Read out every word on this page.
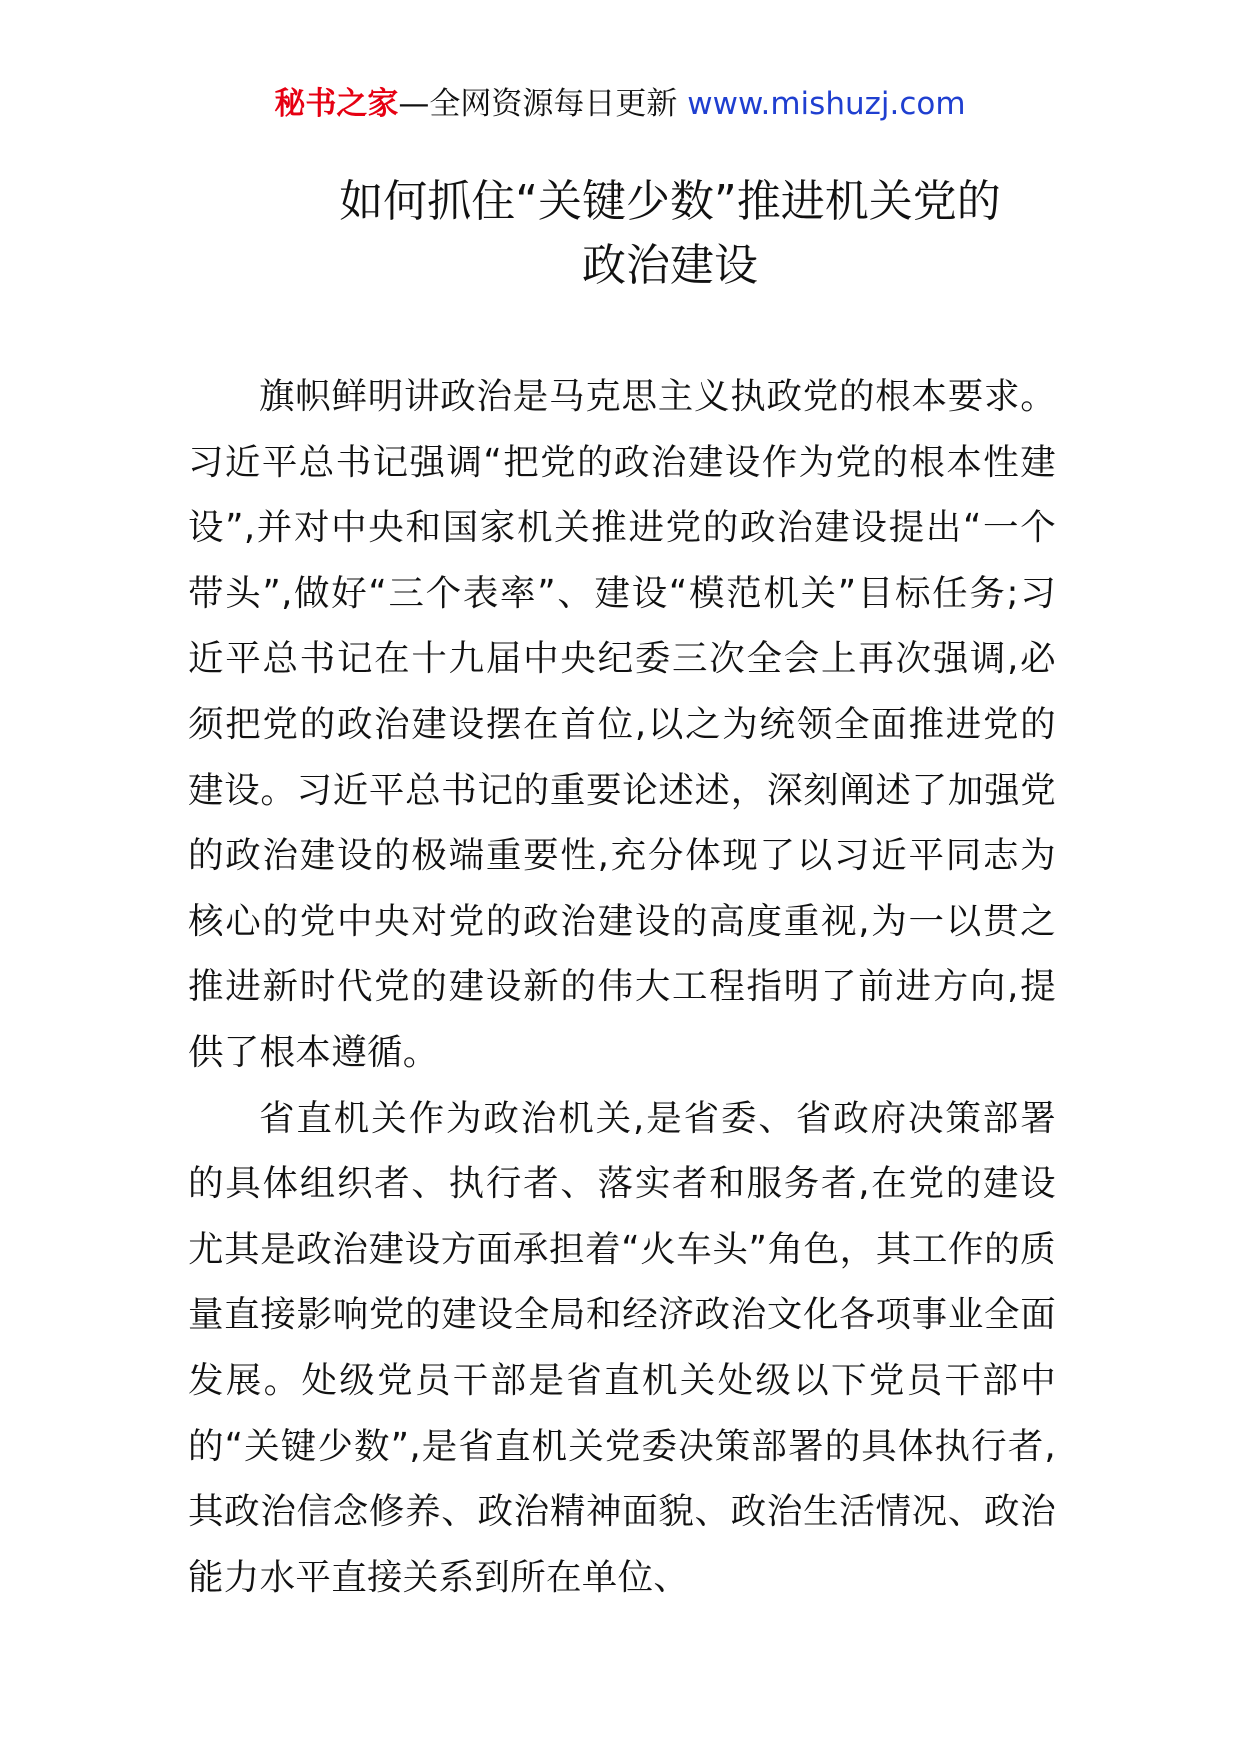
秘书之家—全网资源每日更新 www.mishuzj.com
如何抓住“关键少数”推进机关党的
政治建设

旗帜鲜明讲政治是马克思主义执政党的根本要求。习近平总书记强调“把党的政治建设作为党的根本性建设”,并对中央和国家机关推进党的政治建设提出“一个带头”,做好“三个表率”、建设“模范机关”目标任务;习近平总书记在十九届中央纪委三次全会上再次强调,必须把党的政治建设摆在首位,以之为统领全面推进党的建设。习近平总书记的重要论述述，深刻阐述了加强党的政治建设的极端重要性,充分体现了以习近平同志为核心的党中央对党的政治建设的高度重视,为一以贯之推进新时代党的建设新的伟大工程指明了前进方向,提供了根本遵循。

省直机关作为政治机关,是省委、省政府决策部署的具体组织者、执行者、落实者和服务者,在党的建设尤其是政治建设方面承担着“火车头”角色，其工作的质量直接影响党的建设全局和经济政治文化各项事业全面发展。处级党员干部是省直机关处级以下党员干部中的“关键少数”,是省直机关党委决策部署的具体执行者,其政治信念修养、政治精神面貌、政治生活情况、政治能力水平直接关系到所在单位、
